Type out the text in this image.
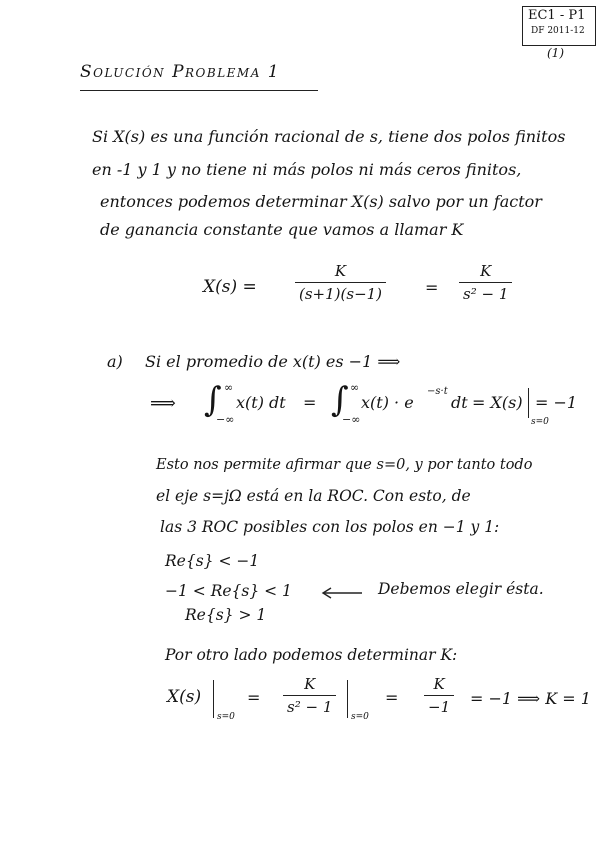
EC1 - P1
DF 2011-12
(1)
Solución Problema 1
Si X(s) es una función racional de s, tiene dos polos finitos
en -1 y 1 y no tiene ni más polos ni más ceros finitos,
entonces podemos determinar X(s) salvo por un factor
de ganancia constante que vamos a llamar K
X(s) =
K
(s+1)(s−1)	=
K
s² − 1
a) Si el promedio de x(t) es −1 ⟹
⟹ ∫ ∞
−∞
x(t) dt = ∫ ∞
−∞
x(t) · e
−s·t
dt = X(s)
s=0
= −1
Esto nos permite afirmar que s=0, y por tanto todo
el eje s=jΩ está en la ROC. Con esto, de
las 3 ROC posibles con los polos en −1 y 1:
Re{s} < −1
−1 < Re{s} < 1	Debemos elegir ésta.
Re{s} > 1
Por otro lado podemos determinar K:
X(s)
s=0
=
K
s² − 1
s=0
=
K
−1 = −1 ⟹ K = 1
